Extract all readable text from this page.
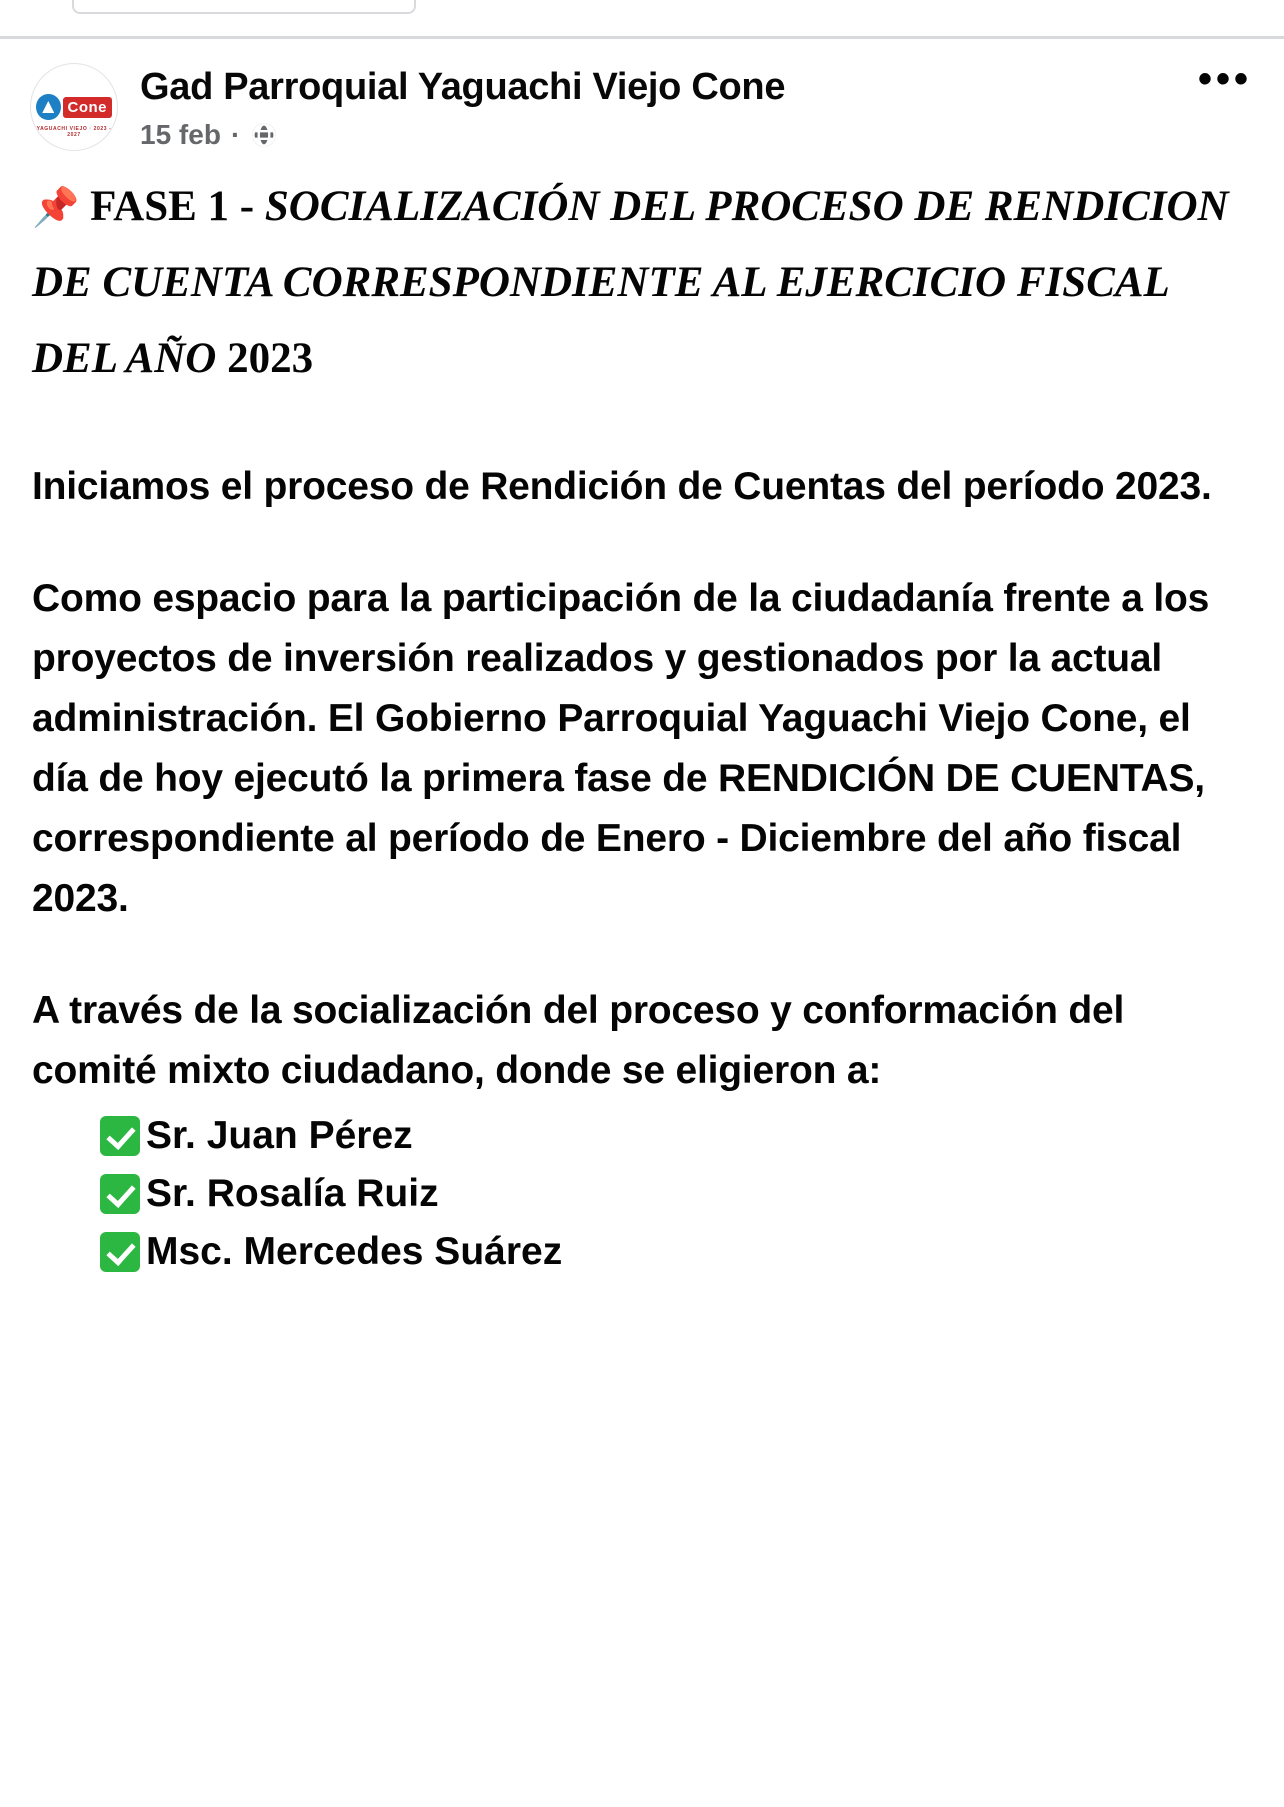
Cone
YAGUACHI VIEJO · 2023 - 2027
Gad Parroquial Yaguachi Viejo Cone
15 feb ·
•••
📌 FASE 1 - SOCIALIZACIÓN DEL PROCESO DE RENDICION DE CUENTA CORRESPONDIENTE AL EJERCICIO FISCAL DEL AÑO 2023
Iniciamos el proceso de Rendición de Cuentas del período 2023.
Como espacio para la participación de la ciudadanía frente a los proyectos de inversión realizados y gestionados por la actual administración. El Gobierno Parroquial Yaguachi Viejo Cone, el día de hoy ejecutó la primera fase de RENDICIÓN DE CUENTAS, correspondiente al período de Enero - Diciembre del año fiscal 2023.
A través de la socialización del proceso y conformación del comité mixto ciudadano, donde se eligieron a:
Sr. Juan Pérez
Sr. Rosalía Ruiz
Msc. Mercedes Suárez
